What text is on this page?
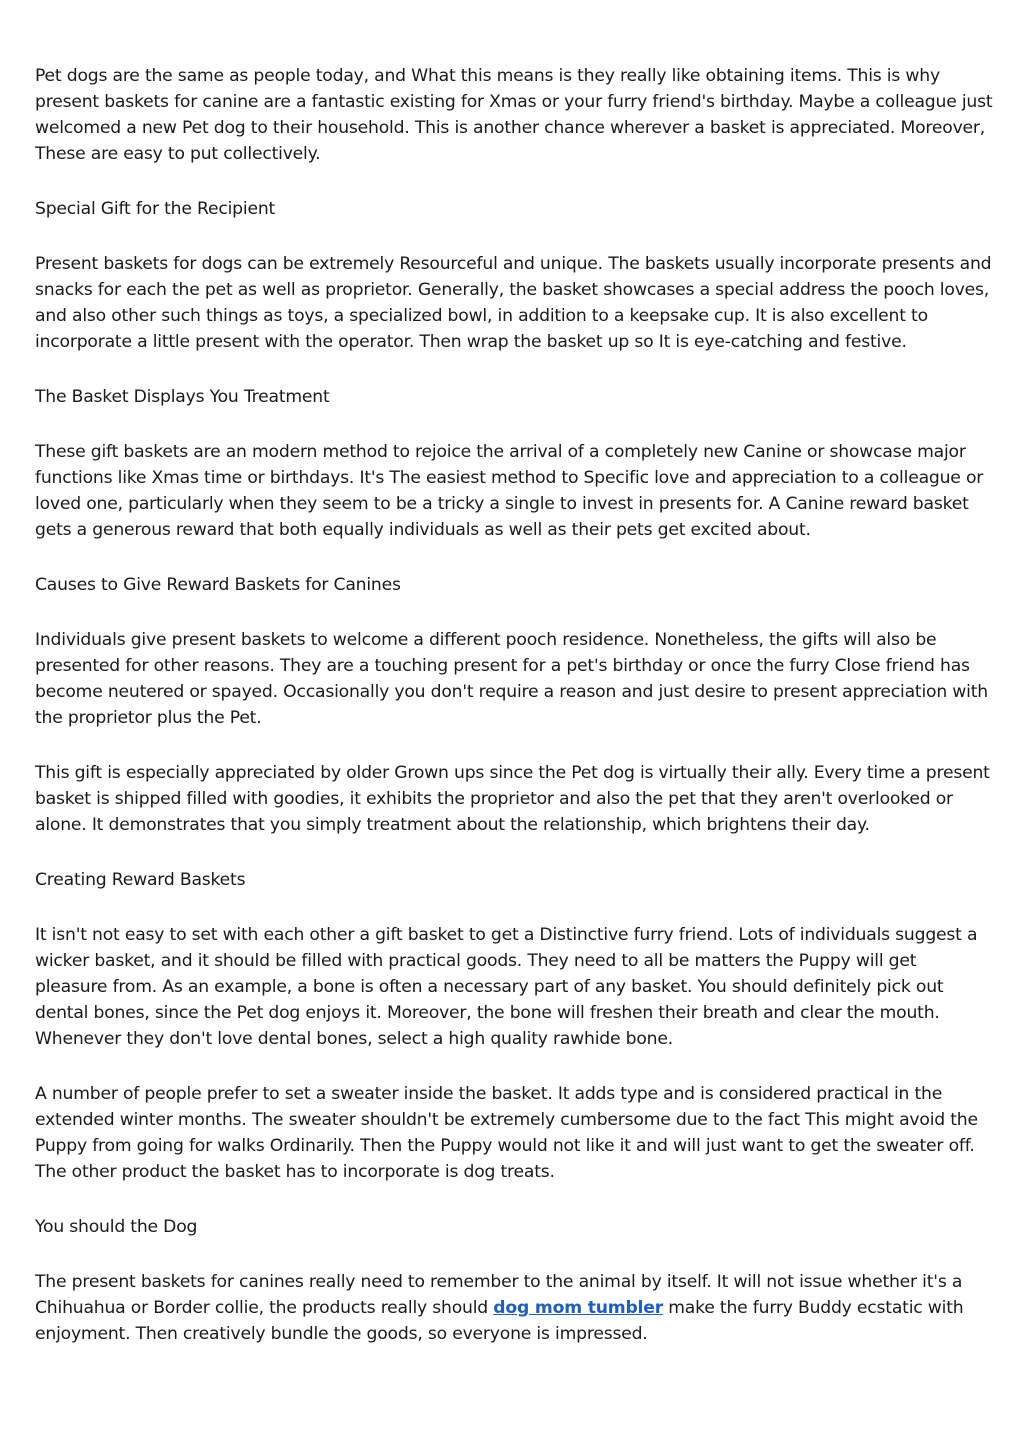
Pet dogs are the same as people today, and What this means is they really like obtaining items. This is why present baskets for canine are a fantastic existing for Xmas or your furry friend's birthday. Maybe a colleague just welcomed a new Pet dog to their household. This is another chance wherever a basket is appreciated. Moreover, These are easy to put collectively.

Special Gift for the Recipient

Present baskets for dogs can be extremely Resourceful and unique. The baskets usually incorporate presents and snacks for each the pet as well as proprietor. Generally, the basket showcases a special address the pooch loves, and also other such things as toys, a specialized bowl, in addition to a keepsake cup. It is also excellent to incorporate a little present with the operator. Then wrap the basket up so It is eye-catching and festive.

The Basket Displays You Treatment

These gift baskets are an modern method to rejoice the arrival of a completely new Canine or showcase major functions like Xmas time or birthdays. It's The easiest method to Specific love and appreciation to a colleague or loved one, particularly when they seem to be a tricky a single to invest in presents for. A Canine reward basket gets a generous reward that both equally individuals as well as their pets get excited about.

Causes to Give Reward Baskets for Canines

Individuals give present baskets to welcome a different pooch residence. Nonetheless, the gifts will also be presented for other reasons. They are a touching present for a pet's birthday or once the furry Close friend has become neutered or spayed. Occasionally you don't require a reason and just desire to present appreciation with the proprietor plus the Pet.

This gift is especially appreciated by older Grown ups since the Pet dog is virtually their ally. Every time a present basket is shipped filled with goodies, it exhibits the proprietor and also the pet that they aren't overlooked or alone. It demonstrates that you simply treatment about the relationship, which brightens their day.

Creating Reward Baskets

It isn't not easy to set with each other a gift basket to get a Distinctive furry friend. Lots of individuals suggest a wicker basket, and it should be filled with practical goods. They need to all be matters the Puppy will get pleasure from. As an example, a bone is often a necessary part of any basket. You should definitely pick out dental bones, since the Pet dog enjoys it. Moreover, the bone will freshen their breath and clear the mouth. Whenever they don't love dental bones, select a high quality rawhide bone.

A number of people prefer to set a sweater inside the basket. It adds type and is considered practical in the extended winter months. The sweater shouldn't be extremely cumbersome due to the fact This might avoid the Puppy from going for walks Ordinarily. Then the Puppy would not like it and will just want to get the sweater off. The other product the basket has to incorporate is dog treats.

You should the Dog

The present baskets for canines really need to remember to the animal by itself. It will not issue whether it's a Chihuahua or Border collie, the products really should dog mom tumbler make the furry Buddy ecstatic with enjoyment. Then creatively bundle the goods, so everyone is impressed.
